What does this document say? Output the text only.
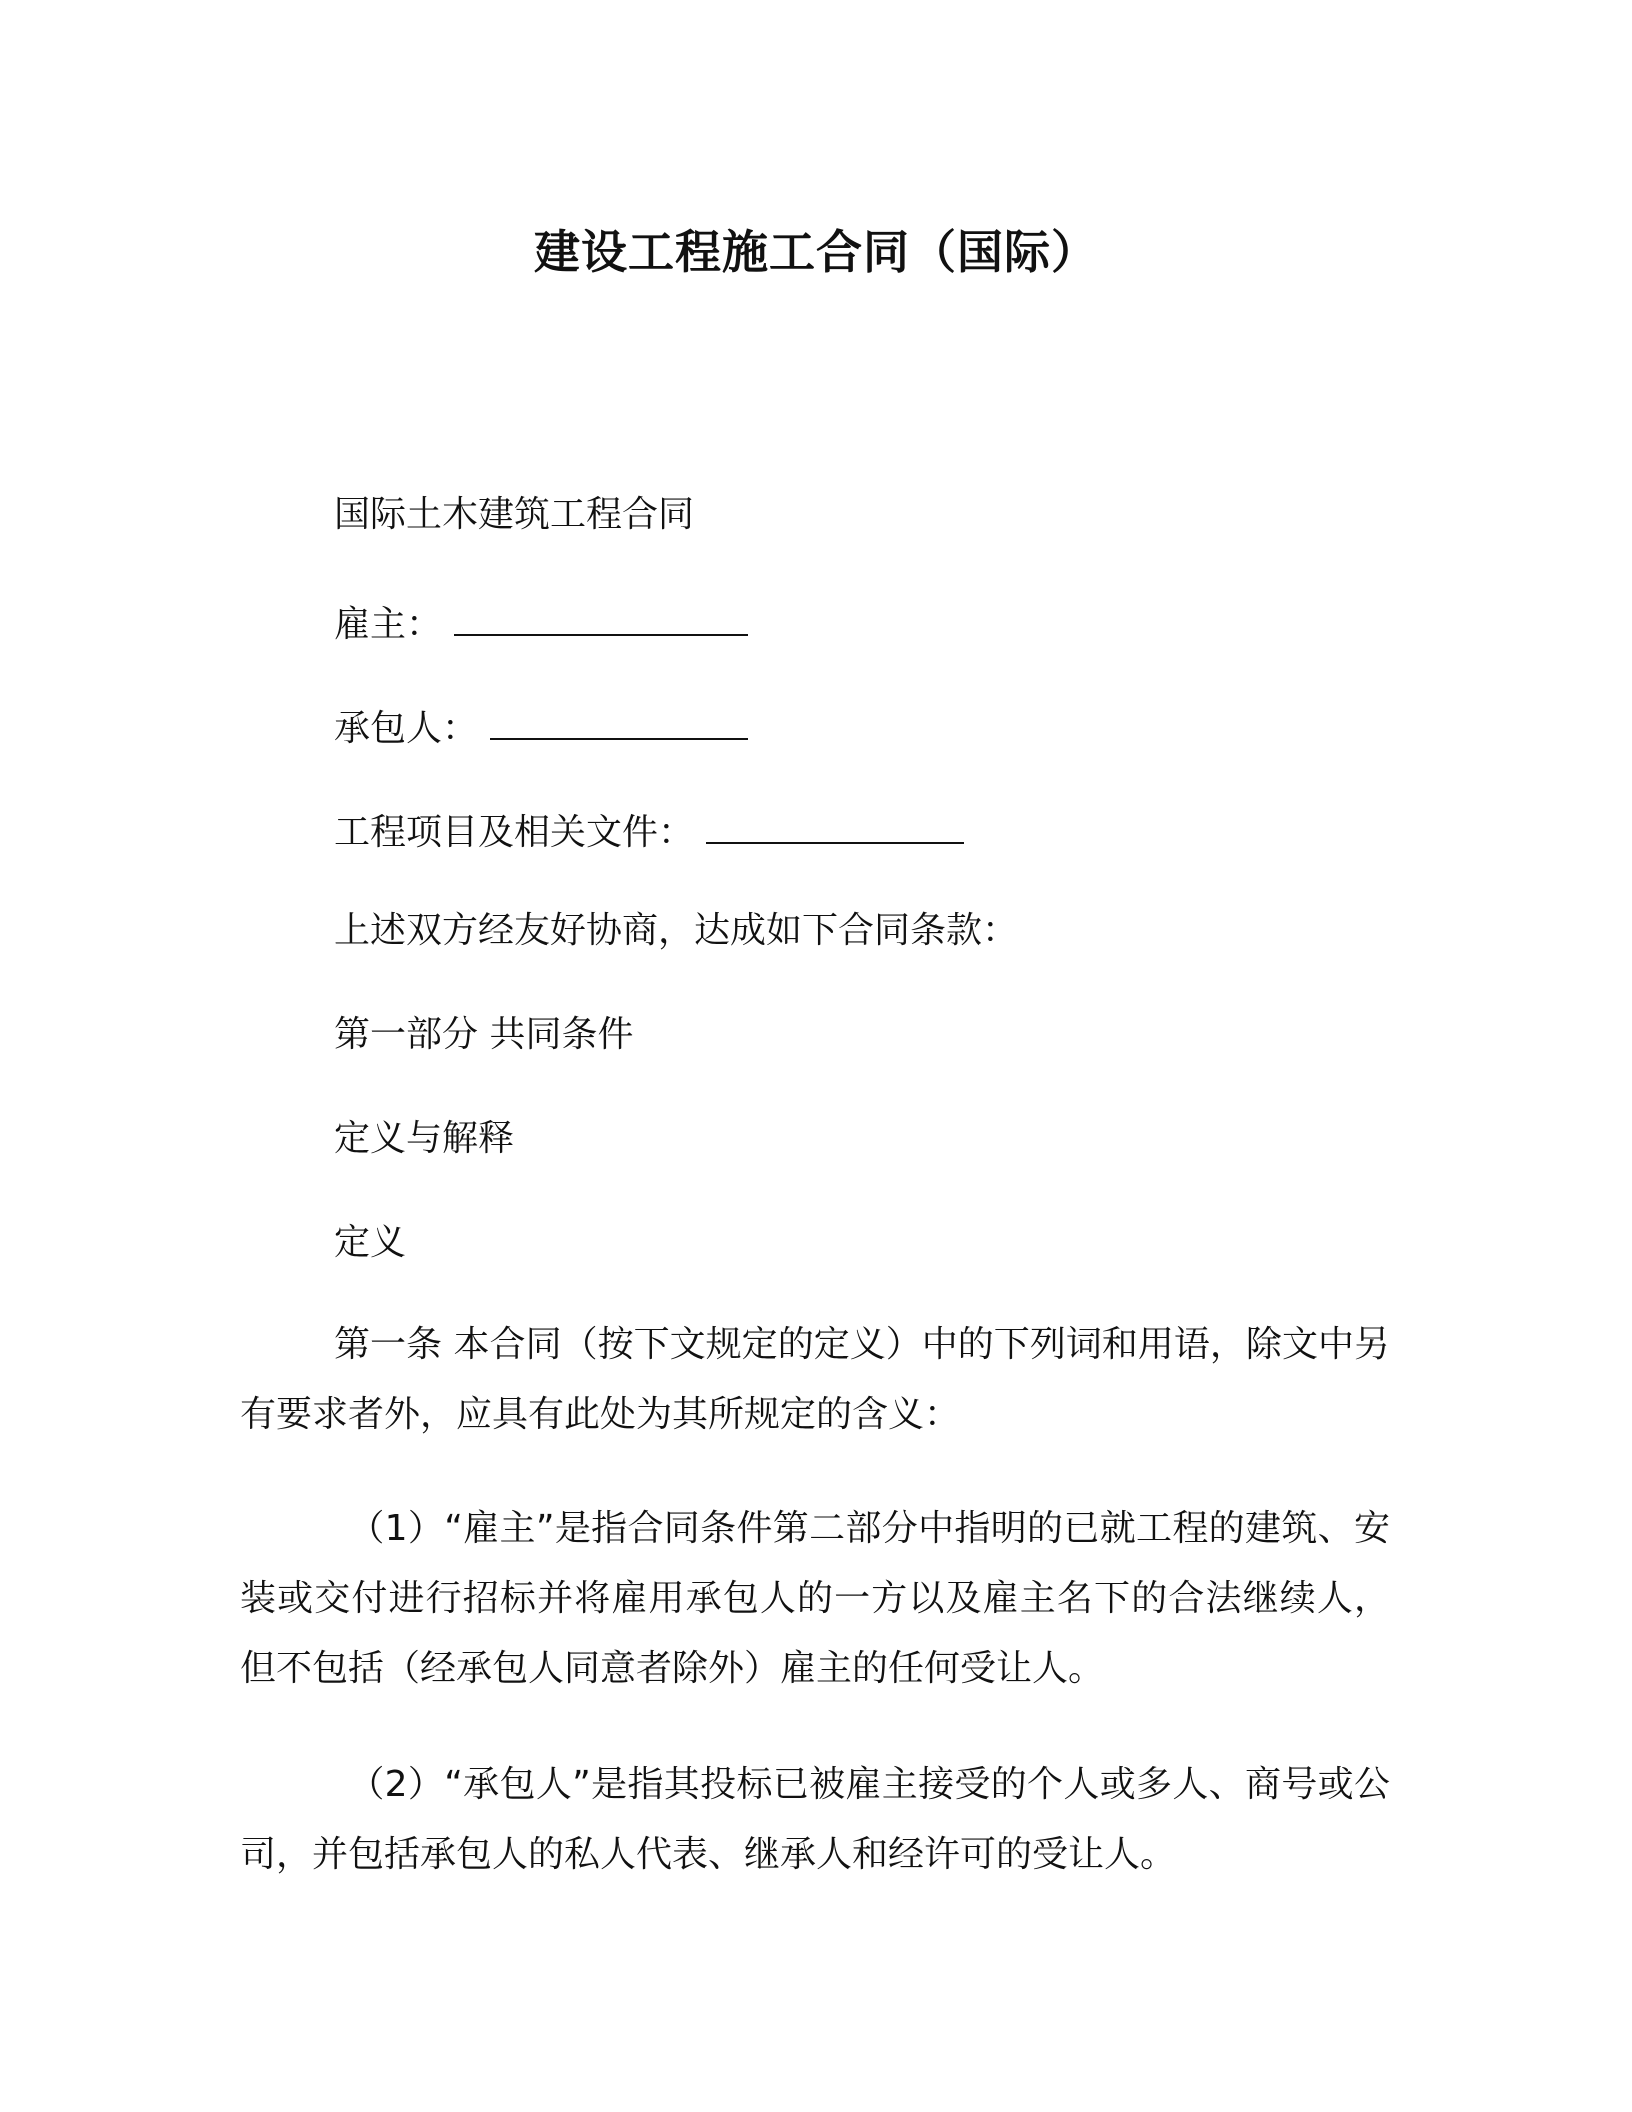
建设工程施工合同（国际）
国际土木建筑工程合同
雇主：
承包人：
工程项目及相关文件：
上述双方经友好协商，达成如下合同条款：
第一部分 共同条件
定义与解释
定义
第一条 本合同（按下文规定的定义）中的下列词和用语，除文中另有要求者外，应具有此处为其所规定的含义：
（1）“雇主”是指合同条件第二部分中指明的已就工程的建筑、安装或交付进行招标并将雇用承包人的一方以及雇主名下的合法继续人，但不包括（经承包人同意者除外）雇主的任何受让人。
（2）“承包人”是指其投标已被雇主接受的个人或多人、商号或公司，并包括承包人的私人代表、继承人和经许可的受让人。
